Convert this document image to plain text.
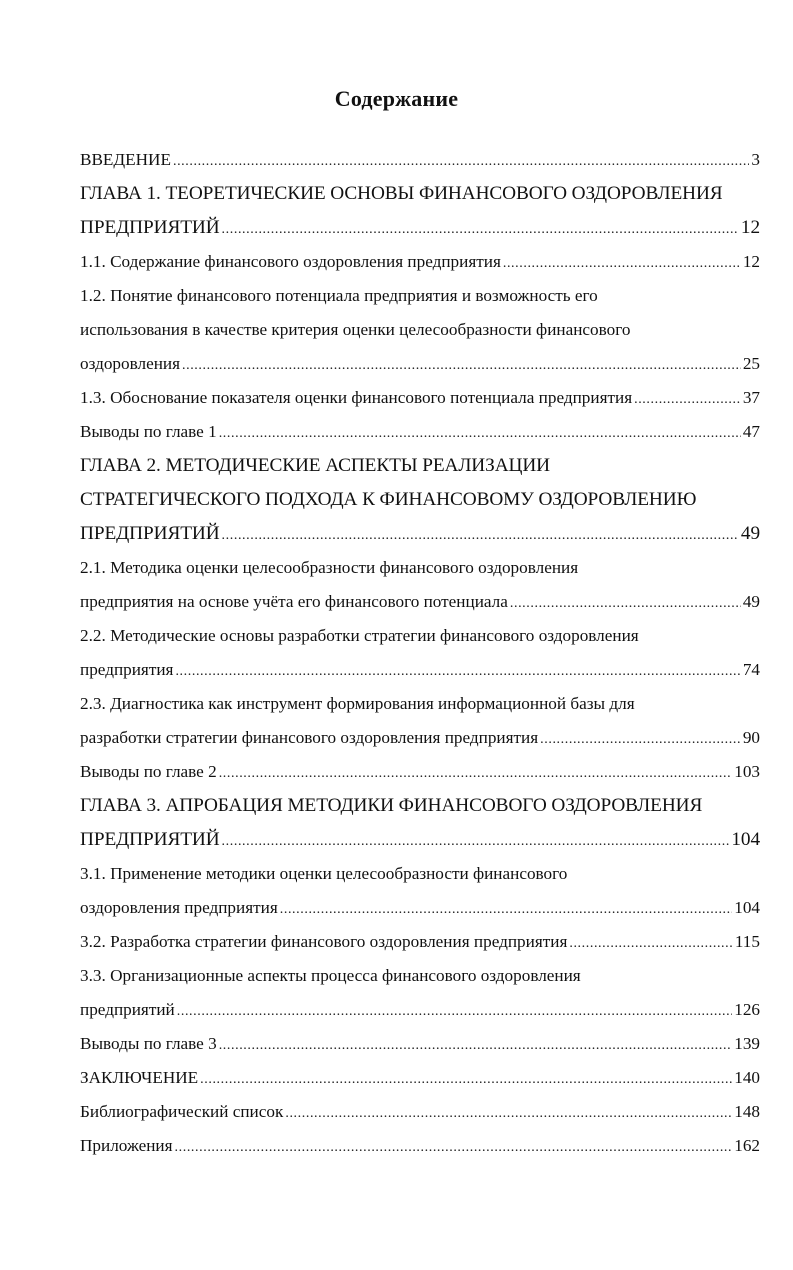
Содержание
ВВЕДЕНИЕ .....	3
ГЛАВА 1. ТЕОРЕТИЧЕСКИЕ ОСНОВЫ ФИНАНСОВОГО ОЗДОРОВЛЕНИЯ
ПРЕДПРИЯТИЙ .....	12
1.1. Содержание финансового оздоровления предприятия .....	12
1.2. Понятие финансового потенциала предприятия и возможность его
использования в качестве критерия оценки целесообразности финансового
оздоровления .....	25
1.3. Обоснование показателя оценки финансового потенциала предприятия .....	37
Выводы по главе 1 .....	47
ГЛАВА 2. МЕТОДИЧЕСКИЕ АСПЕКТЫ РЕАЛИЗАЦИИ
СТРАТЕГИЧЕСКОГО ПОДХОДА К ФИНАНСОВОМУ ОЗДОРОВЛЕНИЮ
ПРЕДПРИЯТИЙ .....	49
2.1. Методика оценки целесообразности финансового оздоровления
предприятия на основе учёта его финансового потенциала .....	49
2.2. Методические основы разработки стратегии финансового оздоровления
предприятия .....	74
2.3. Диагностика как инструмент формирования информационной базы для
разработки стратегии финансового оздоровления предприятия .....	90
Выводы по главе 2 .....	103
ГЛАВА 3. АПРОБАЦИЯ МЕТОДИКИ ФИНАНСОВОГО ОЗДОРОВЛЕНИЯ
ПРЕДПРИЯТИЙ .....	104
3.1. Применение методики оценки целесообразности финансового
оздоровления предприятия .....	104
3.2. Разработка стратегии финансового оздоровления предприятия .....	115
3.3. Организационные аспекты процесса финансового оздоровления
предприятий .....	126
Выводы по главе 3 .....	139
ЗАКЛЮЧЕНИЕ .....	140
Библиографический список .....	148
Приложения .....	162
